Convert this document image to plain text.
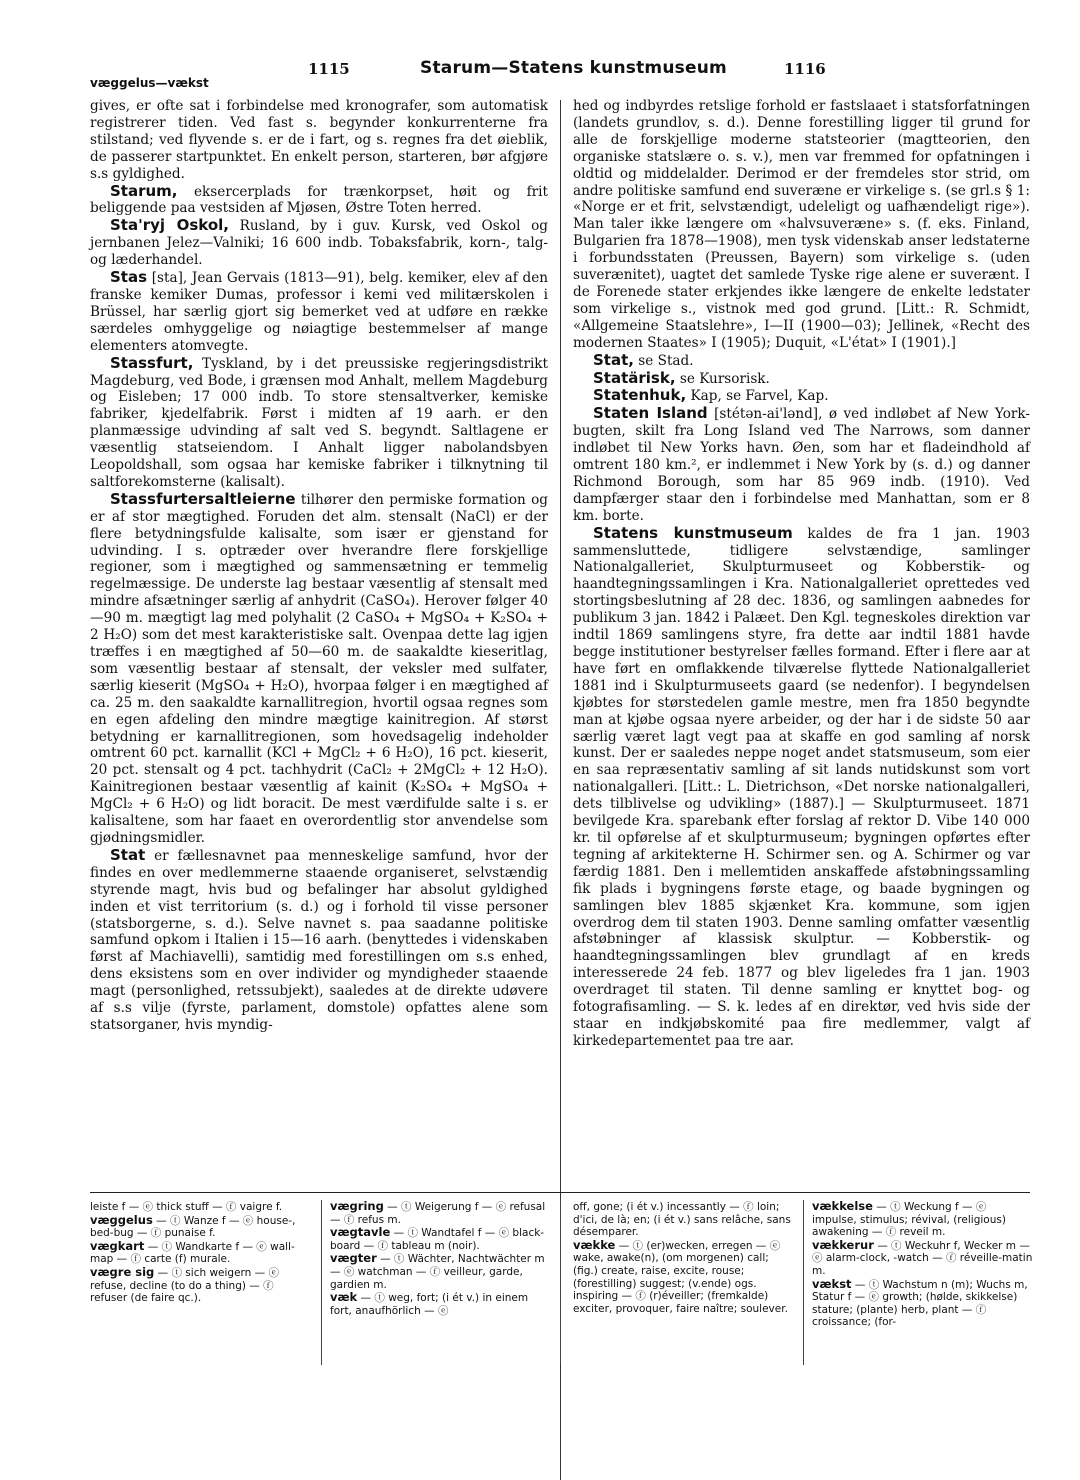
1115	Starum—Statens kunstmuseum	1116
væggelus—vækst

gives, er ofte sat i forbindelse med kronografer, som automatisk registrerer tiden. Ved fast s. begynder konkurrenterne fra stilstand; ved flyvende s. er de i fart, og s. regnes fra det øieblik, de passerer startpunktet. En enkelt person, starteren, bør afgjøre s.s gyldighed.

Starum, eksercerplads for trænkorpset, høit og frit beliggende paa vestsiden af Mjøsen, Østre Toten herred.

Sta'ryj Oskol, Rusland, by i guv. Kursk, ved Oskol og jernbanen Jelez—Valniki; 16 600 indb. Tobaksfabrik, korn-, talg- og læderhandel.

Stas [sta], Jean Gervais (1813—91), belg. kemiker, elev af den franske kemiker Dumas, professor i kemi ved militærskolen i Brüssel, har særlig gjort sig bemerket ved at udføre en række særdeles omhyggelige og nøiagtige bestemmelser af mange elementers atomvegte.

Stassfurt, Tyskland, by i det preussiske regjeringsdistrikt Magdeburg, ved Bode, i grænsen mod Anhalt, mellem Magdeburg og Eisleben; 17 000 indb. To store stensaltverker, kemiske fabriker, kjedelfabrik. Først i midten af 19 aarh. er den planmæssige udvinding af salt ved S. begyndt. Saltlagene er væsentlig statseiendom. I Anhalt ligger nabolandsbyen Leopoldshall, som ogsaa har kemiske fabriker i tilknytning til saltforekomsterne (kalisalt).

Stassfurtersaltleierne tilhører den permiske formation og er af stor mægtighed. Foruden det alm. stensalt (NaCl) er der flere betydningsfulde kalisalte, som især er gjenstand for udvinding. I s. optræder over hverandre flere forskjellige regioner, som i mægtighed og sammensætning er temmelig regelmæssige. De underste lag bestaar væsentlig af stensalt med mindre afsætninger særlig af anhydrit (CaSO₄). Herover følger 40—90 m. mægtigt lag med polyhalit (2 CaSO₄ + MgSO₄ + K₂SO₄ + 2 H₂O) som det mest karakteristiske salt. Ovenpaa dette lag igjen træffes i en mægtighed af 50—60 m. de saakaldte kieseritlag, som væsentlig bestaar af stensalt, der veksler med sulfater, særlig kieserit (MgSO₄ + H₂O), hvorpaa følger i en mægtighed af ca. 25 m. den saakaldte karnallitregion, hvortil ogsaa regnes som en egen afdeling den mindre mægtige kainitregion. Af størst betydning er karnallitregionen, som hovedsagelig indeholder omtrent 60 pct. karnallit (KCl + MgCl₂ + 6 H₂O), 16 pct. kieserit, 20 pct. stensalt og 4 pct. tachhydrit (CaCl₂ + 2MgCl₂ + 12 H₂O). Kainitregionen bestaar væsentlig af kainit (K₂SO₄ + MgSO₄ + MgCl₂ + 6 H₂O) og lidt boracit. De mest værdifulde salte i s. er kalisaltene, som har faaet en overordentlig stor anvendelse som gjødningsmidler.

Stat er fællesnavnet paa menneskelige samfund, hvor der findes en over medlemmerne staaende organiseret, selvstændig styrende magt, hvis bud og befalinger har absolut gyldighed inden et vist territorium (s. d.) og i forhold til visse personer (statsborgerne, s. d.). Selve navnet s. paa saadanne politiske samfund opkom i Italien i 15—16 aarh. (benyttedes i videnskaben først af Machiavelli), samtidig med forestillingen om s.s enhed, dens eksistens som en over individer og myndigheder staaende magt (personlighed, retssubjekt), saaledes at de direkte udøvere af s.s vilje (fyrste, parlament, domstole) opfattes alene som statsorganer, hvis myndig-

hed og indbyrdes retslige forhold er fastslaaet i statsforfatningen (landets grundlov, s. d.). Denne forestilling ligger til grund for alle de forskjellige moderne statsteorier (magtteorien, den organiske statslære o. s. v.), men var fremmed for opfatningen i oldtid og middelalder. Derimod er der fremdeles stor strid, om andre politiske samfund end suveræne er virkelige s. (se grl.s § 1: «Norge er et frit, selvstændigt, udeleligt og uafhændeligt rige»). Man taler ikke længere om «halvsuveræne» s. (f. eks. Finland, Bulgarien fra 1878—1908), men tysk videnskab anser ledstaterne i forbundsstaten (Preussen, Bayern) som virkelige s. (uden suverænitet), uagtet det samlede Tyske rige alene er suverænt. I de Forenede stater erkjendes ikke længere de enkelte ledstater som virkelige s., vistnok med god grund. [Litt.: R. Schmidt, «Allgemeine Staatslehre», I—II (1900—03); Jellinek, «Recht des modernen Staates» I (1905); Duquit, «L'état» I (1901).]

Stat, se Stad.

Statärisk, se Kursorisk.

Statenhuk, Kap, se Farvel, Kap.

Staten Island [stétən-ai'lənd], ø ved indløbet af New York-bugten, skilt fra Long Island ved The Narrows, som danner indløbet til New Yorks havn. Øen, som har et fladeindhold af omtrent 180 km.², er indlemmet i New York by (s. d.) og danner Richmond Borough, som har 85 969 indb. (1910). Ved dampfærger staar den i forbindelse med Manhattan, som er 8 km. borte.

Statens kunstmuseum kaldes de fra 1 jan. 1903 sammensluttede, tidligere selvstændige, samlinger Nationalgalleriet, Skulpturmuseet og Kobberstik- og haandtegningssamlingen i Kra. Nationalgalleriet oprettedes ved stortingsbeslutning af 28 dec. 1836, og samlingen aabnedes for publikum 3 jan. 1842 i Palæet. Den Kgl. tegneskoles direktion var indtil 1869 samlingens styre, fra dette aar indtil 1881 havde begge institutioner bestyrelser fælles formand. Efter i flere aar at have ført en omflakkende tilværelse flyttede Nationalgalleriet 1881 ind i Skulpturmuseets gaard (se nedenfor). I begyndelsen kjøbtes for størstedelen gamle mestre, men fra 1850 begyndte man at kjøbe ogsaa nyere arbeider, og der har i de sidste 50 aar særlig været lagt vegt paa at skaffe en god samling af norsk kunst. Der er saaledes neppe noget andet statsmuseum, som eier en saa repræsentativ samling af sit lands nutidskunst som vort nationalgalleri. [Litt.: L. Dietrichson, «Det norske nationalgalleri, dets tilblivelse og udvikling» (1887).] — Skulpturmuseet. 1871 bevilgede Kra. sparebank efter forslag af rektor D. Vibe 140 000 kr. til opførelse af et skulpturmuseum; bygningen opførtes efter tegning af arkitekterne H. Schirmer sen. og A. Schirmer og var færdig 1881. Den i mellemtiden anskaffede afstøbningssamling fik plads i bygningens første etage, og baade bygningen og samlingen blev 1885 skjænket Kra. kommune, som igjen overdrog dem til staten 1903. Denne samling omfatter væsentlig afstøbninger af klassisk skulptur. — Kobberstik- og haandtegningssamlingen blev grundlagt af en kreds interesserede 24 feb. 1877 og blev ligeledes fra 1 jan. 1903 overdraget til staten. Til denne samling er knyttet bog- og fotografisamling. — S. k. ledes af en direktør, ved hvis side der staar en indkjøbskomité paa fire medlemmer, valgt af kirkedepartementet paa tre aar.

leiste f — ⓔ thick stuff — ⓕ vaigre f.

væggelus — ⓣ Wanze f — ⓔ house-, bed-bug — ⓕ punaise f.

vægkart — ⓣ Wandkarte f — ⓔ wall-map — ⓕ carte (f) murale.

vægre sig — ⓣ sich weigern — ⓔ refuse, decline (to do a thing) — ⓕ refuser (de faire qc.).

vægring — ⓣ Weigerung f — ⓔ refusal — ⓕ refus m.

vægtavle — ⓣ Wandtafel f — ⓔ black-board — ⓕ tableau m (noir).

vægter — ⓣ Wächter, Nachtwächter m — ⓔ watchman — ⓕ veilleur, garde, gardien m.

væk — ⓣ weg, fort; (i ét v.) in einem fort, anaufhörlich — ⓔ

off, gone; (i ét v.) incessantly — ⓕ loin; d'ici, de là; en; (i ét v.) sans relâche, sans désemparer.

vække — ⓣ (er)wecken, erregen — ⓔ wake, awake(n), (om morgenen) call; (fig.) create, raise, excite, rouse; (forestilling) suggest; (v.ende) ogs. inspiring — ⓕ (r)éveiller; (fremkalde) exciter, provoquer, faire naître; soulever.

vækkelse — ⓣ Weckung f — ⓔ impulse, stimulus; révival, (religious) awakening — ⓕ reveil m.

vækkerur — ⓣ Weckuhr f, Wecker m — ⓔ alarm-clock, -watch — ⓕ réveille-matin m.

vækst — ⓣ Wachstum n (m); Wuchs m, Statur f — ⓔ growth; (hølde, skikkelse) stature; (plante) herb, plant — ⓕ croissance; (for-
